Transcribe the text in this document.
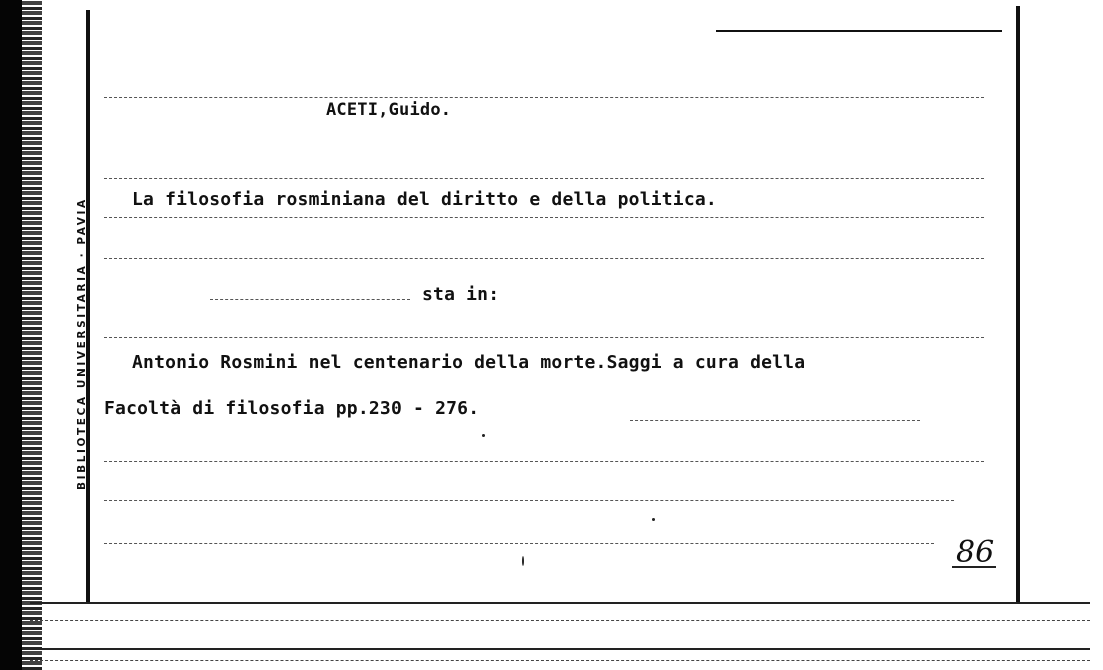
BIBLIOTECA UNIVERSITARIA · PAVIA
ACETI,Guido.
La filosofia rosminiana del diritto e della politica.
sta in:
Antonio Rosmini nel centenario della morte.Saggi a cura della
Facoltà di filosofia pp.230 - 276.
86
